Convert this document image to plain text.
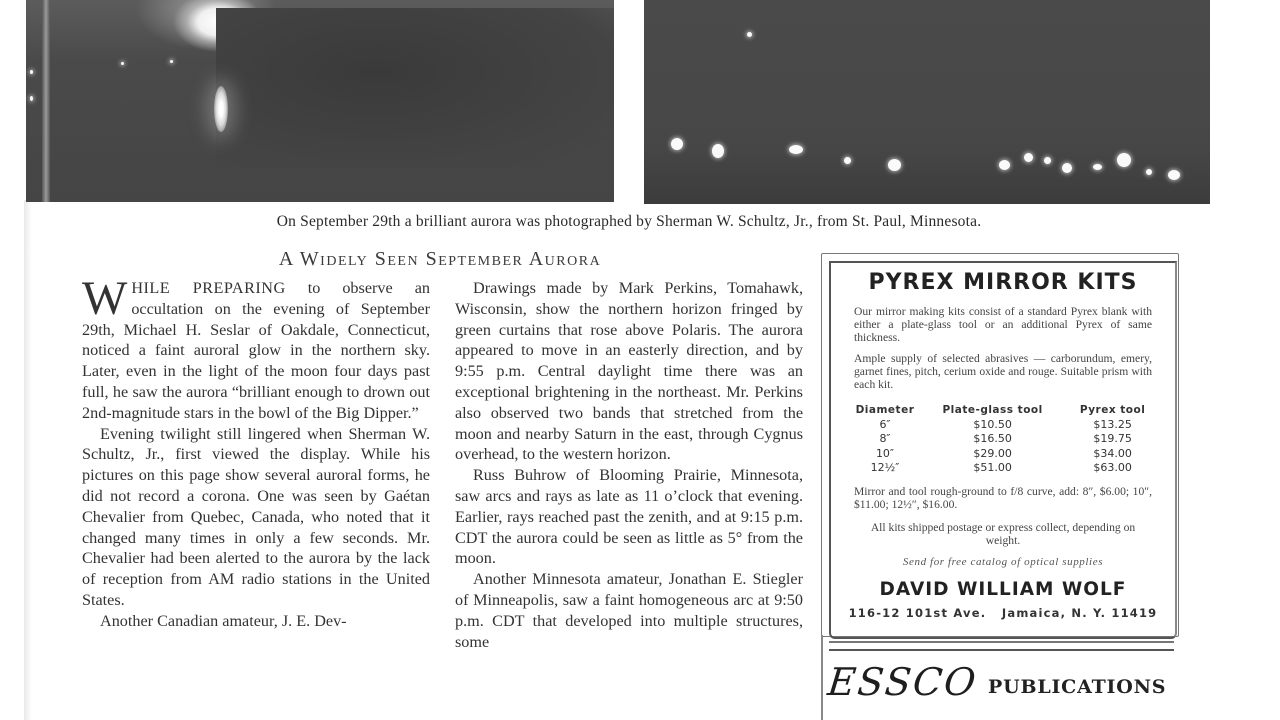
On September 29th a brilliant aurora was photographed by Sherman W. Schultz, Jr., from St. Paul, Minnesota.
A Widely Seen September Aurora

WHILE PREPARING to observe an occultation on the evening of September 29th, Michael H. Seslar of Oakdale, Connecticut, noticed a faint auroral glow in the northern sky. Later, even in the light of the moon four days past full, he saw the aurora “brilliant enough to drown out 2nd-magnitude stars in the bowl of the Big Dipper.”

Evening twilight still lingered when Sherman W. Schultz, Jr., first viewed the display. While his pictures on this page show several auroral forms, he did not record a corona. One was seen by Gaétan Chevalier from Quebec, Canada, who noted that it changed many times in only a few seconds. Mr. Chevalier had been alerted to the aurora by the lack of reception from AM radio stations in the United States.

Another Canadian amateur, J. E. Dev-

Drawings made by Mark Perkins, Tomahawk, Wisconsin, show the northern horizon fringed by green curtains that rose above Polaris. The aurora appeared to move in an easterly direction, and by 9:55 p.m. Central daylight time there was an exceptional brightening in the northeast. Mr. Perkins also observed two bands that stretched from the moon and nearby Saturn in the east, through Cygnus overhead, to the western horizon.

Russ Buhrow of Blooming Prairie, Minnesota, saw arcs and rays as late as 11 o’clock that evening. Earlier, rays reached past the zenith, and at 9:15 p.m. CDT the aurora could be seen as little as 5° from the moon.

Another Minnesota amateur, Jonathan E. Stiegler of Minneapolis, saw a faint homogeneous arc at 9:50 p.m. CDT that developed into multiple structures, some

PYREX MIRROR KITS
Our mirror making kits consist of a standard Pyrex blank with either a plate-glass tool or an additional Pyrex of same thickness.
Ample supply of selected abrasives — carborundum, emery, garnet fines, pitch, cerium oxide and rouge. Suitable prism with each kit.
Diameter	Plate-glass tool	Pyrex tool
6″	$10.50	$13.25
8″	$16.50	$19.75
10″	$29.00	$34.00
12½″	$51.00	$63.00
Mirror and tool rough-ground to f/8 curve, add: 8″, $6.00; 10″, $11.00; 12½″, $16.00.
All kits shipped postage or express collect, depending on weight.
Send for free catalog of optical supplies
DAVID WILLIAM WOLF
116-12 101st Ave.   Jamaica, N. Y. 11419
ESSCO PUBLICATIONS
